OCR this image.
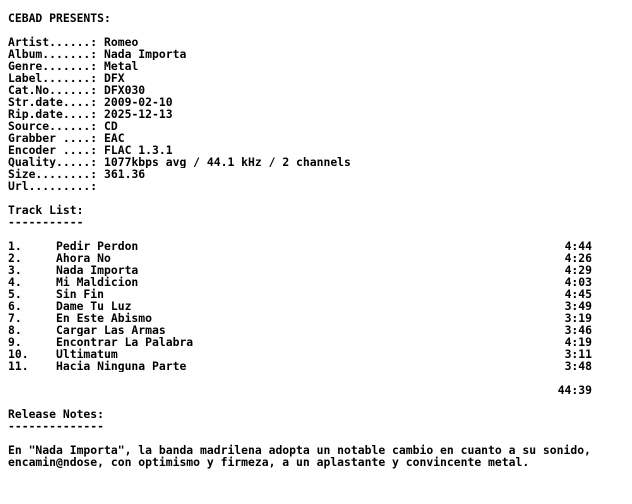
CEBAD PRESENTS:

Artist......: Romeo
Album.......: Nada Importa
Genre.......: Metal
Label.......: DFX
Cat.No......: DFX030
Str.date....: 2009-02-10
Rip.date....: 2025-12-13
Source......: CD
Grabber ....: EAC
Encoder ....: FLAC 1.3.1
Quality.....: 1077kbps avg / 44.1 kHz / 2 channels
Size........: 361.36
Url.........:

Track List:
-----------

1.	Pedir Perdon	4:44
2.	Ahora No	4:26
3.	Nada Importa	4:29
4.	Mi Maldicion	4:03
5.	Sin Fin	4:45
6.	Dame Tu Luz	3:49
7.	En Este Abismo	3:19
8.	Cargar Las Armas	3:46
9.	Encontrar La Palabra	4:19
10. Ultimatum	3:11
11. Hacia Ninguna Parte	3:48

44:39

Release Notes:
--------------

En "Nada Importa", la banda madrilena adopta un notable cambio en cuanto a su sonido, encamin@ndose, con optimismo y firmeza, a un aplastante y convincente metal.
